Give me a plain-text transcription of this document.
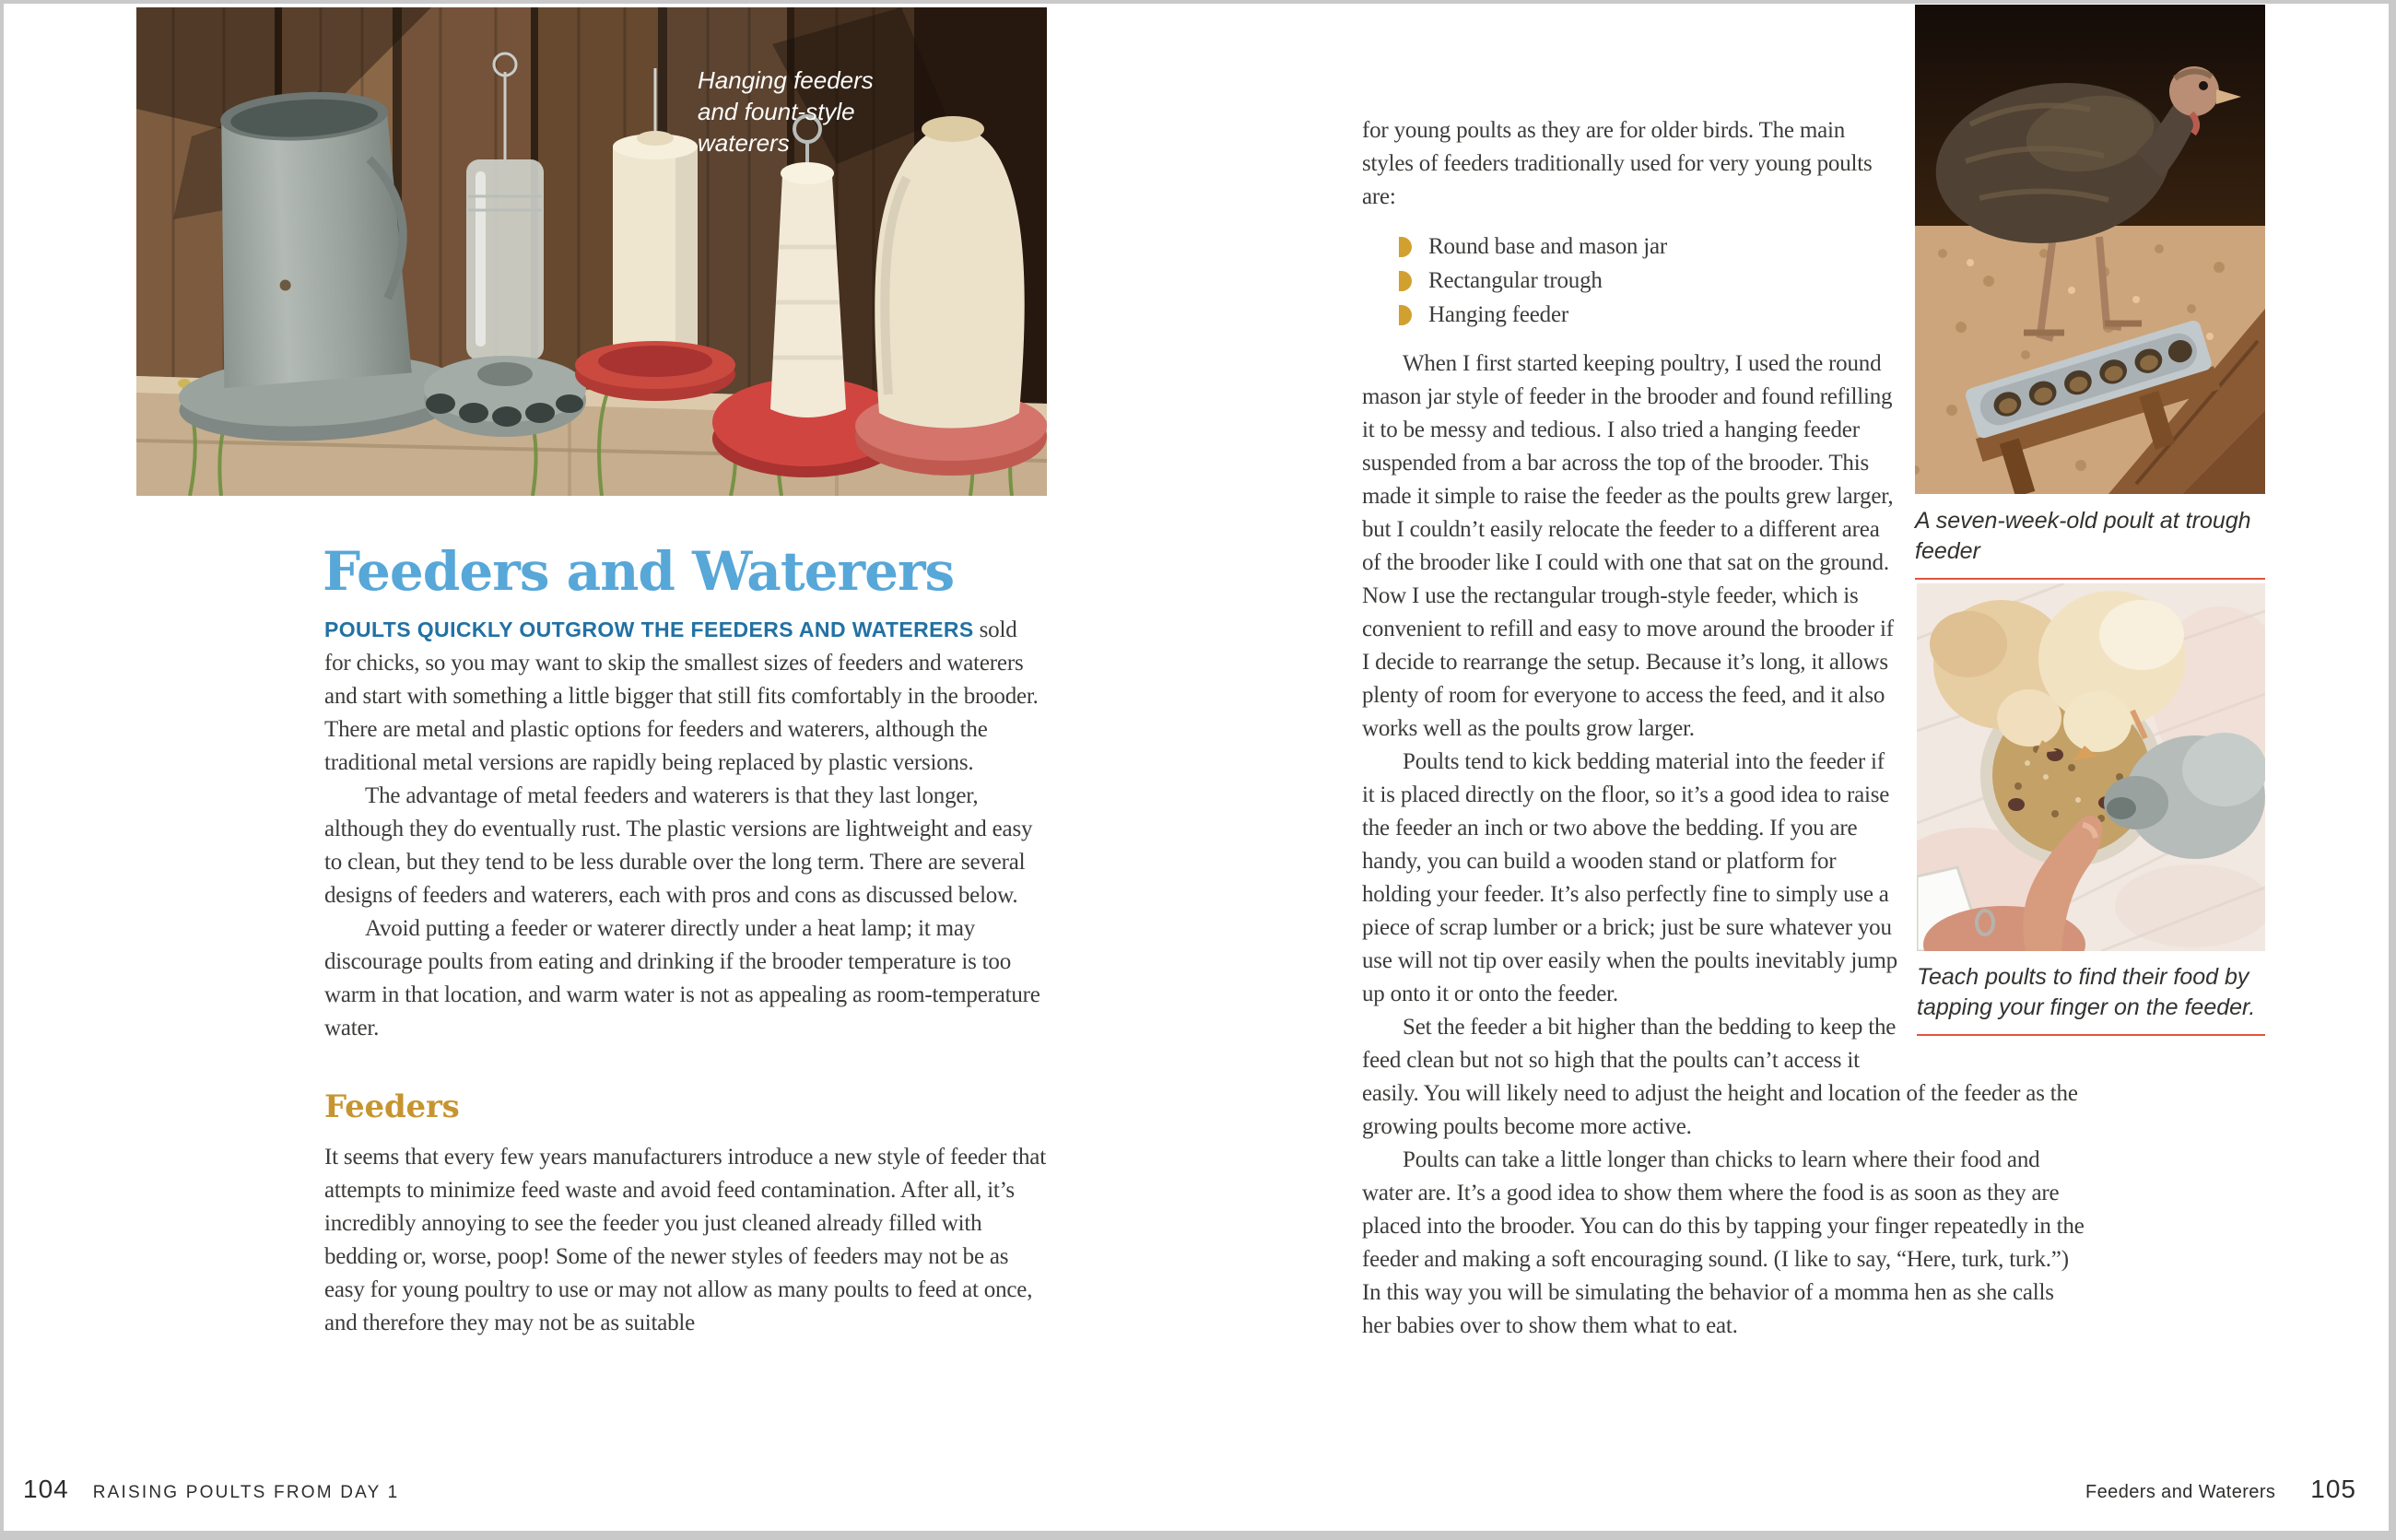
Hanging feeders and fount-style waterers
Feeders and Waterers

POULTS QUICKLY OUTGROW THE FEEDERS AND WATERERS sold for chicks, so you may want to skip the smallest sizes of feeders and waterers and start with something a little bigger that still fits comfortably in the brooder. There are metal and plastic options for feeders and waterers, although the traditional metal versions are rapidly being replaced by plastic versions.

The advantage of metal feeders and waterers is that they last longer, although they do eventually rust. The plastic versions are lightweight and easy to clean, but they tend to be less durable over the long term. There are several designs of feeders and waterers, each with pros and cons as discussed below.

Avoid putting a feeder or waterer directly under a heat lamp; it may discourage poults from eating and drinking if the brooder temperature is too warm in that location, and warm water is not as appealing as room-temperature water.

Feeders

It seems that every few years manufacturers introduce a new style of feeder that attempts to minimize feed waste and avoid feed contamination. After all, it’s incredibly annoying to see the feeder you just cleaned already filled with bedding or, worse, poop! Some of the newer styles of feeders may not be as easy for young poultry to use or may not allow as many poults to feed at once, and therefore they may not be as suitable

104 RAISING POULTS FROM DAY 1

for young poults as they are for older birds. The main styles of feeders traditionally used for very young poults are:

Round base and mason jar
Rectangular trough
Hanging feeder

When I first started keeping poultry, I used the round mason jar style of feeder in the brooder and found refilling it to be messy and tedious. I also tried a hanging feeder suspended from a bar across the top of the brooder. This made it simple to raise the feeder as the poults grew larger, but I couldn’t easily relocate the feeder to a different area of the brooder like I could with one that sat on the ground. Now I use the rectangular trough-style feeder, which is convenient to refill and easy to move around the brooder if I decide to rearrange the setup. Because it’s long, it allows plenty of room for everyone to access the feed, and it also works well as the poults grow larger.

Poults tend to kick bedding material into the feeder if it is placed directly on the floor, so it’s a good idea to raise the feeder an inch or two above the bedding. If you are handy, you can build a wooden stand or platform for holding your feeder. It’s also perfectly fine to simply use a piece of scrap lumber or a brick; just be sure whatever you use will not tip over easily when the poults inevitably jump up onto it or onto the feeder.

Set the feeder a bit higher than the bedding to keep the feed clean but not so high that the poults can’t access it easily. You will likely need to adjust the height and location of the feeder as the growing poults become more active.

Poults can take a little longer than chicks to learn where their food and water are. It’s a good idea to show them where the food is as soon as they are placed into the brooder. You can do this by tapping your finger repeatedly in the feeder and making a soft encouraging sound. (I like to say, “Here, turk, turk.”) In this way you will be simulating the behavior of a momma hen as she calls her babies over to show them what to eat.

A seven-week-old poult at trough feeder
Teach poults to find their food by tapping your finger on the feeder.
Feeders and Waterers 105
